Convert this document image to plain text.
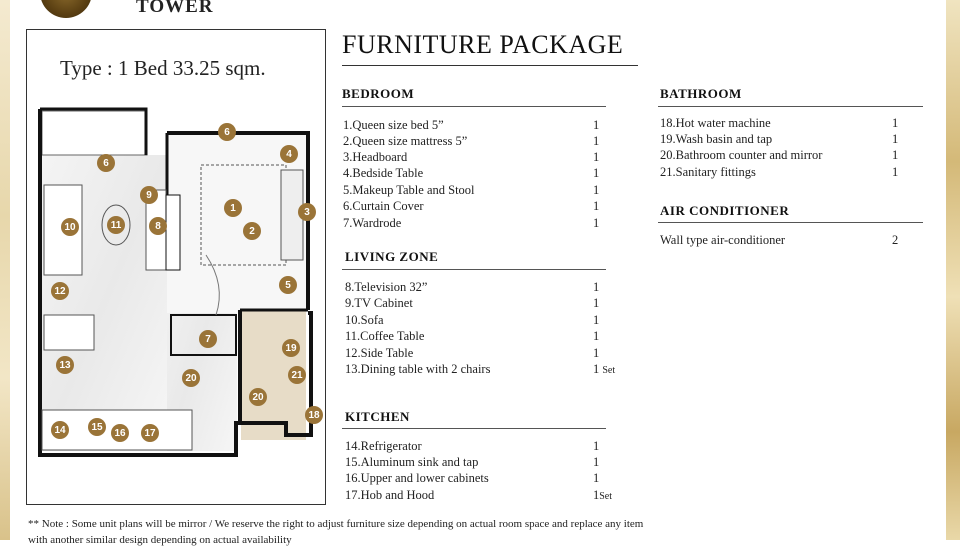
TOWER
Type : 1 Bed 33.25 sqm.
1
2
3
4
5
6
6
7
8
9
10	11
12
13
14	15
16	17
18
19
20
20
21
FURNITURE PACKAGE
BEDROOM
1.Queen size bed 5”	1
2.Queen size mattress 5”	1
3.Headboard	1
4.Bedside Table	1
5.Makeup Table and Stool	1
6.Curtain Cover	1
7.Wardrode	1
LIVING ZONE
8.Television 32”	1
9.TV Cabinet	1
10.Sofa	1
11.Coffee Table	1
12.Side Table	1
13.Dining table with 2 chairs	1 Set
KITCHEN
14.Refrigerator	1
15.Aluminum sink and tap	1
16.Upper and lower cabinets	1
17.Hob and Hood	1Set
BATHROOM
18.Hot water machine	1
19.Wash basin and tap	1
20.Bathroom counter and mirror	1
21.Sanitary fittings	1
AIR CONDITIONER
Wall type air-conditioner	2
** Note : Some unit plans will be mirror / We reserve the right to adjust furniture size depending on actual room space and replace any item
with another similar design depending on actual availability
